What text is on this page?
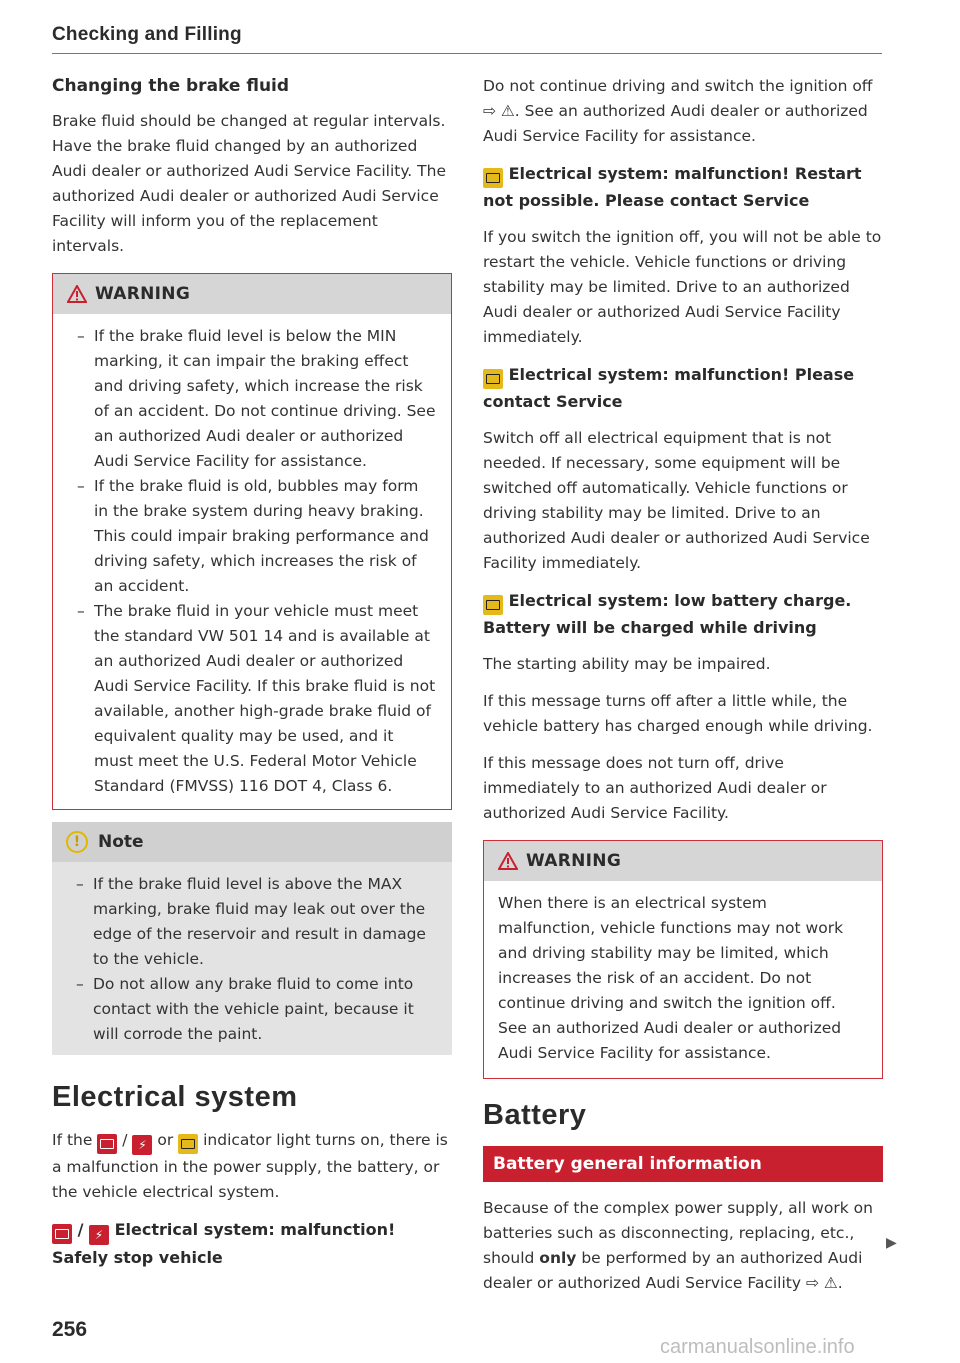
Checking and Filling
Changing the brake fluid

Brake fluid should be changed at regular intervals. Have the brake fluid changed by an authorized Audi dealer or authorized Audi Service Facility. The authorized Audi dealer or authorized Audi Service Facility will inform you of the replacement intervals.

WARNING
– If the brake fluid level is below the MIN marking, it can impair the braking effect and driving safety, which increase the risk of an accident. Do not continue driving. See an authorized Audi dealer or authorized Audi Service Facility for assistance.
– If the brake fluid is old, bubbles may form in the brake system during heavy braking. This could impair braking performance and driving safety, which increases the risk of an accident.
– The brake fluid in your vehicle must meet the standard VW 501 14 and is available at an authorized Audi dealer or authorized Audi Service Facility. If this brake fluid is not available, another high-grade brake fluid of equivalent quality may be used, and it must meet the U.S. Federal Motor Vehicle Standard (FMVSS) 116 DOT 4, Class 6.
!	Note
– If the brake fluid level is above the MAX marking, brake fluid may leak out over the edge of the reservoir and result in damage to the vehicle.
– Do not allow any brake fluid to come into contact with the vehicle paint, because it will corrode the paint.
Electrical system

If the / ⚡ or indicator light turns on, there is a malfunction in the power supply, the battery, or the vehicle electrical system.

/ ⚡ Electrical system: malfunction! Safely stop vehicle

Do not continue driving and switch the ignition off ⇨ ⚠. See an authorized Audi dealer or authorized Audi Service Facility for assistance.

Electrical system: malfunction! Restart not possible. Please contact Service

If you switch the ignition off, you will not be able to restart the vehicle. Vehicle functions or driving stability may be limited. Drive to an authorized Audi dealer or authorized Audi Service Facility immediately.

Electrical system: malfunction! Please contact Service

Switch off all electrical equipment that is not needed. If necessary, some equipment will be switched off automatically. Vehicle functions or driving stability may be limited. Drive to an authorized Audi dealer or authorized Audi Service Facility immediately.

Electrical system: low battery charge. Battery will be charged while driving

The starting ability may be impaired.

If this message turns off after a little while, the vehicle battery has charged enough while driving.

If this message does not turn off, drive immediately to an authorized Audi dealer or authorized Audi Service Facility.

WARNING

When there is an electrical system malfunction, vehicle functions may not work and driving stability may be limited, which increases the risk of an accident. Do not continue driving and switch the ignition off. See an authorized Audi dealer or authorized Audi Service Facility for assistance.

Battery
Battery general information

Because of the complex power supply, all work on batteries such as disconnecting, replacing, etc., should only be performed by an authorized Audi dealer or authorized Audi Service Facility ⇨ ⚠.

▶
256
carmanualsonline.info
